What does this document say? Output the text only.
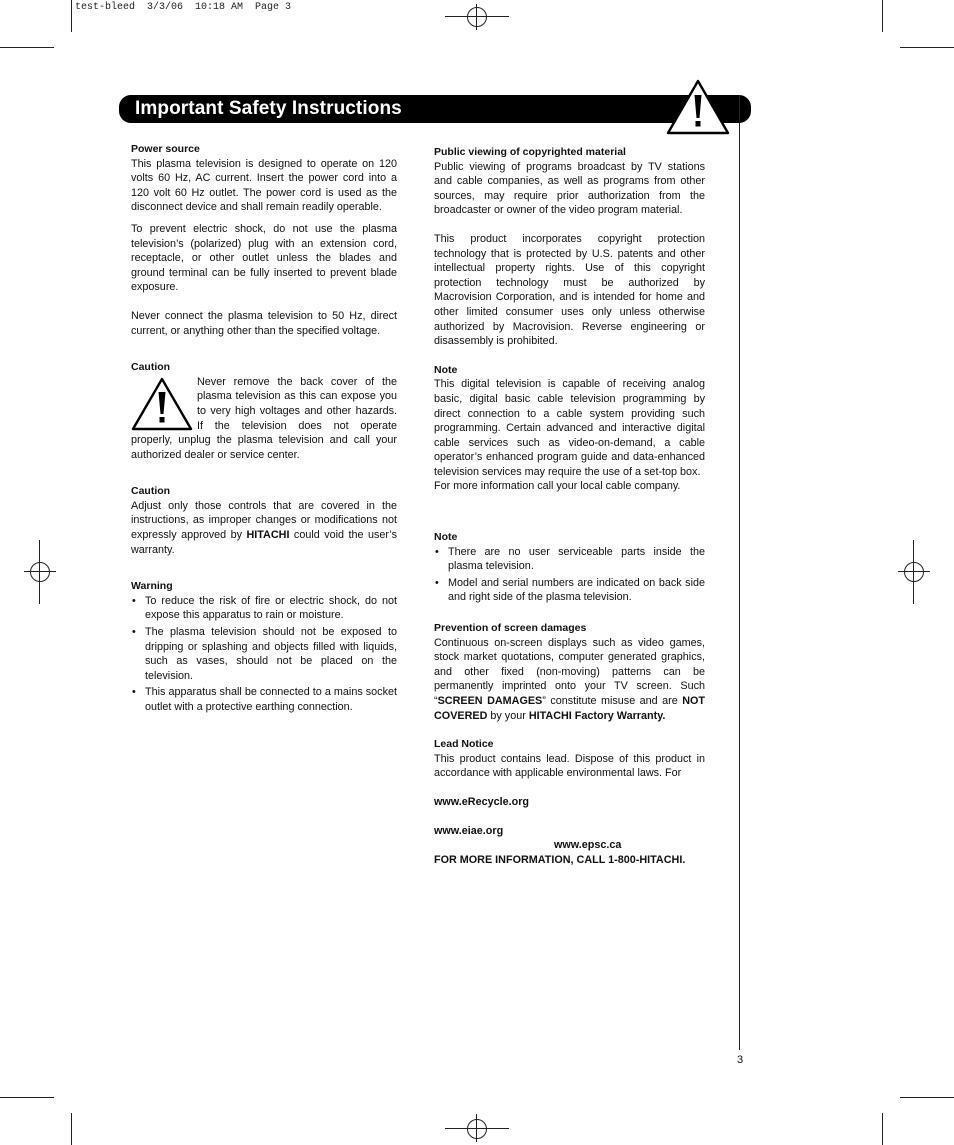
test-bleed  3/3/06  10:18 AM  Page 3
Important Safety Instructions

Power source

This plasma television is designed to operate on 120 volts 60 Hz, AC current. Insert the power cord into a 120 volt 60 Hz outlet. The power cord is used as the disconnect device and shall remain readily operable.

To prevent electric shock, do not use the plasma television’s (polarized) plug with an extension cord, receptacle, or other outlet unless the blades and ground terminal can be fully inserted to prevent blade exposure.

Never connect the plasma television to 50 Hz, direct current, or anything other than the specified voltage.

Caution

Never remove the back cover of the plasma television as this can expose you to very high voltages and other hazards. If the television does not operate properly, unplug the plasma television and call your authorized dealer or service center.

Caution

Adjust only those controls that are covered in the instructions, as improper changes or modifications not expressly approved by HITACHI could void the user’s warranty.

Warning

• To reduce the risk of fire or electric shock, do not expose this apparatus to rain or moisture.
• The plasma television should not be exposed to dripping or splashing and objects filled with liquids, such as vases, should not be placed on the television.
• This apparatus shall be connected to a mains socket outlet with a protective earthing connection.

Public viewing of copyrighted material

Public viewing of programs broadcast by TV stations and cable companies, as well as programs from other sources, may require prior authorization from the broadcaster or owner of the video program material.

This product incorporates copyright protection technology that is protected by U.S. patents and other intellectual property rights. Use of this copyright protection technology must be authorized by Macrovision Corporation, and is intended for home and other limited consumer uses only unless otherwise authorized by Macrovision. Reverse engineering or disassembly is prohibited.

Note

This digital television is capable of receiving analog basic, digital basic cable television programming by direct connection to a cable system providing such programming. Certain advanced and interactive digital cable services such as video-on-demand, a cable operator’s enhanced program guide and data-enhanced television services may require the use of a set-top box.

For more information call your local cable company.

Note

• There are no user serviceable parts inside the plasma television.
• Model and serial numbers are indicated on back side and right side of the plasma television.

Prevention of screen damages

Continuous on-screen displays such as video games, stock market quotations, computer generated graphics, and other fixed (non-moving) patterns can be permanently imprinted onto your TV screen. Such “SCREEN DAMAGES” constitute misuse and are NOT COVERED by your HITACHI Factory Warranty.

Lead Notice

This product contains lead. Dispose of this product in accordance with applicable environmental laws. For

www.eRecycle.org

www.eiae.org

www.epsc.ca

FOR MORE INFORMATION, CALL 1-800-HITACHI.

3
